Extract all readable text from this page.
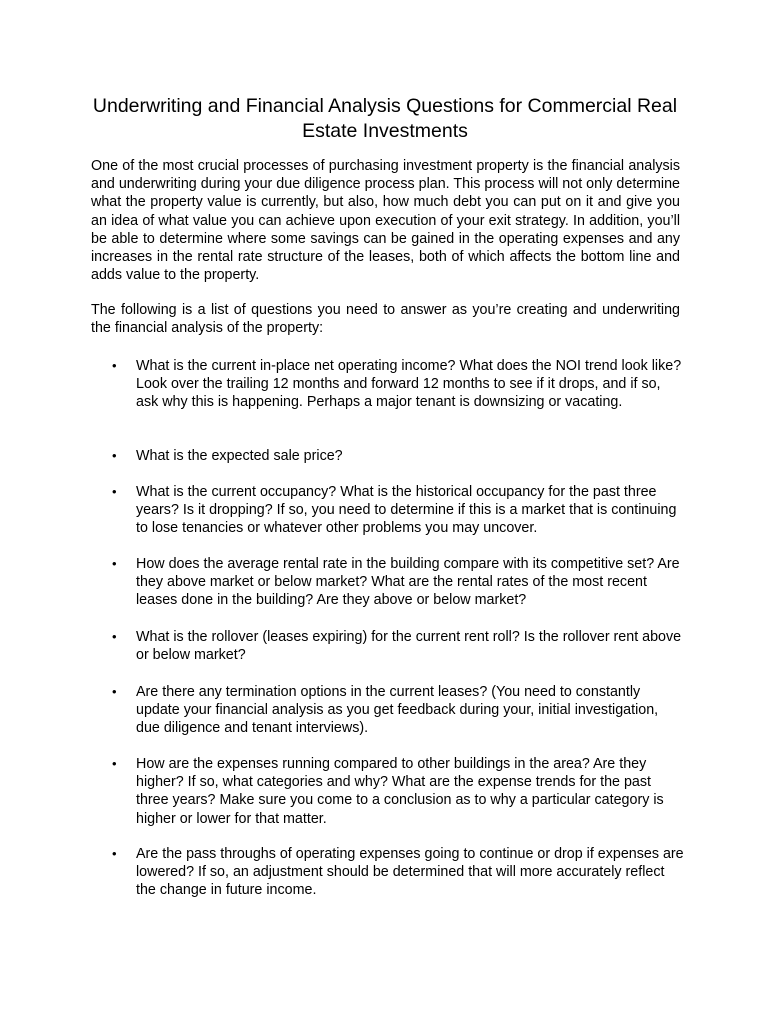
Underwriting and Financial Analysis Questions for Commercial Real Estate Investments

One of the most crucial processes of purchasing investment property is the financial analysis and underwriting during your due diligence process plan. This process will not only determine what the property value is currently, but also, how much debt you can put on it and give you an idea of what value you can achieve upon execution of your exit strategy. In addition, you’ll be able to determine where some savings can be gained in the operating expenses and any increases in the rental rate structure of the leases, both of which affects the bottom line and adds value to the property.

The following is a list of questions you need to answer as you’re creating and underwriting the financial analysis of the property:

•	What is the current in-place net operating income? What does the NOI trend look like? Look over the trailing 12 months and forward 12 months to see if it drops, and if so, ask why this is happening. Perhaps a major tenant is downsizing or vacating.
•	What is the expected sale price?
•	What is the current occupancy? What is the historical occupancy for the past three years? Is it dropping? If so, you need to determine if this is a market that is continuing to lose tenancies or whatever other problems you may uncover.
•	How does the average rental rate in the building compare with its competitive set? Are they above market or below market? What are the rental rates of the most recent leases done in the building? Are they above or below market?
•	What is the rollover (leases expiring) for the current rent roll? Is the rollover rent above or below market?
•	Are there any termination options in the current leases? (You need to constantly update your financial analysis as you get feedback during your, initial investigation, due diligence and tenant interviews).
•	How are the expenses running compared to other buildings in the area? Are they higher? If so, what categories and why? What are the expense trends for the past three years? Make sure you come to a conclusion as to why a particular category is higher or lower for that matter.
•	Are the pass throughs of operating expenses going to continue or drop if expenses are lowered? If so, an adjustment should be determined that will more accurately reflect the change in future income.
